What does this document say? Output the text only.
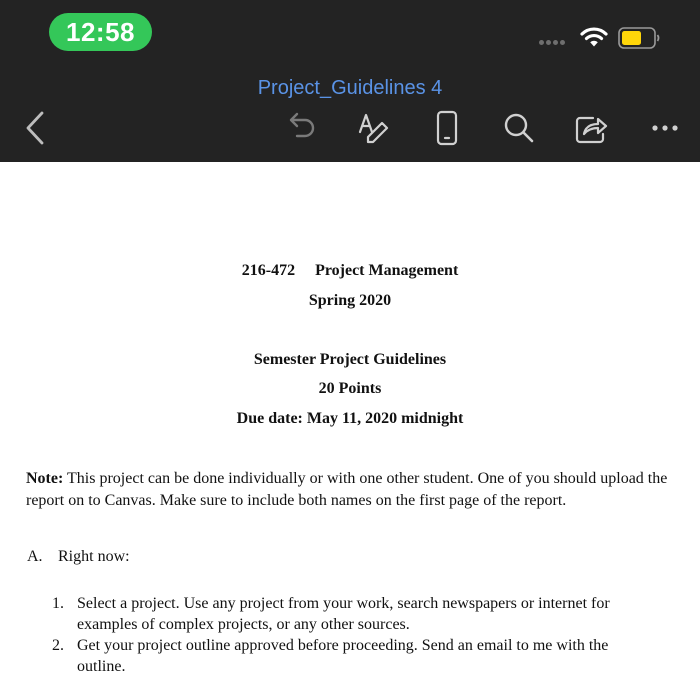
12:58
Project_Guidelines 4
216-472 Project Management
Spring 2020
Semester Project Guidelines
20 Points
Due date: May 11, 2020 midnight
Note: This project can be done individually or with one other student. One of you should upload the report on to Canvas. Make sure to include both names on the first page of the report.
A. Right now:
1. Select a project. Use any project from your work, search newspapers or internet for
examples of complex projects, or any other sources.
2. Get your project outline approved before proceeding. Send an email to me with the
outline.
